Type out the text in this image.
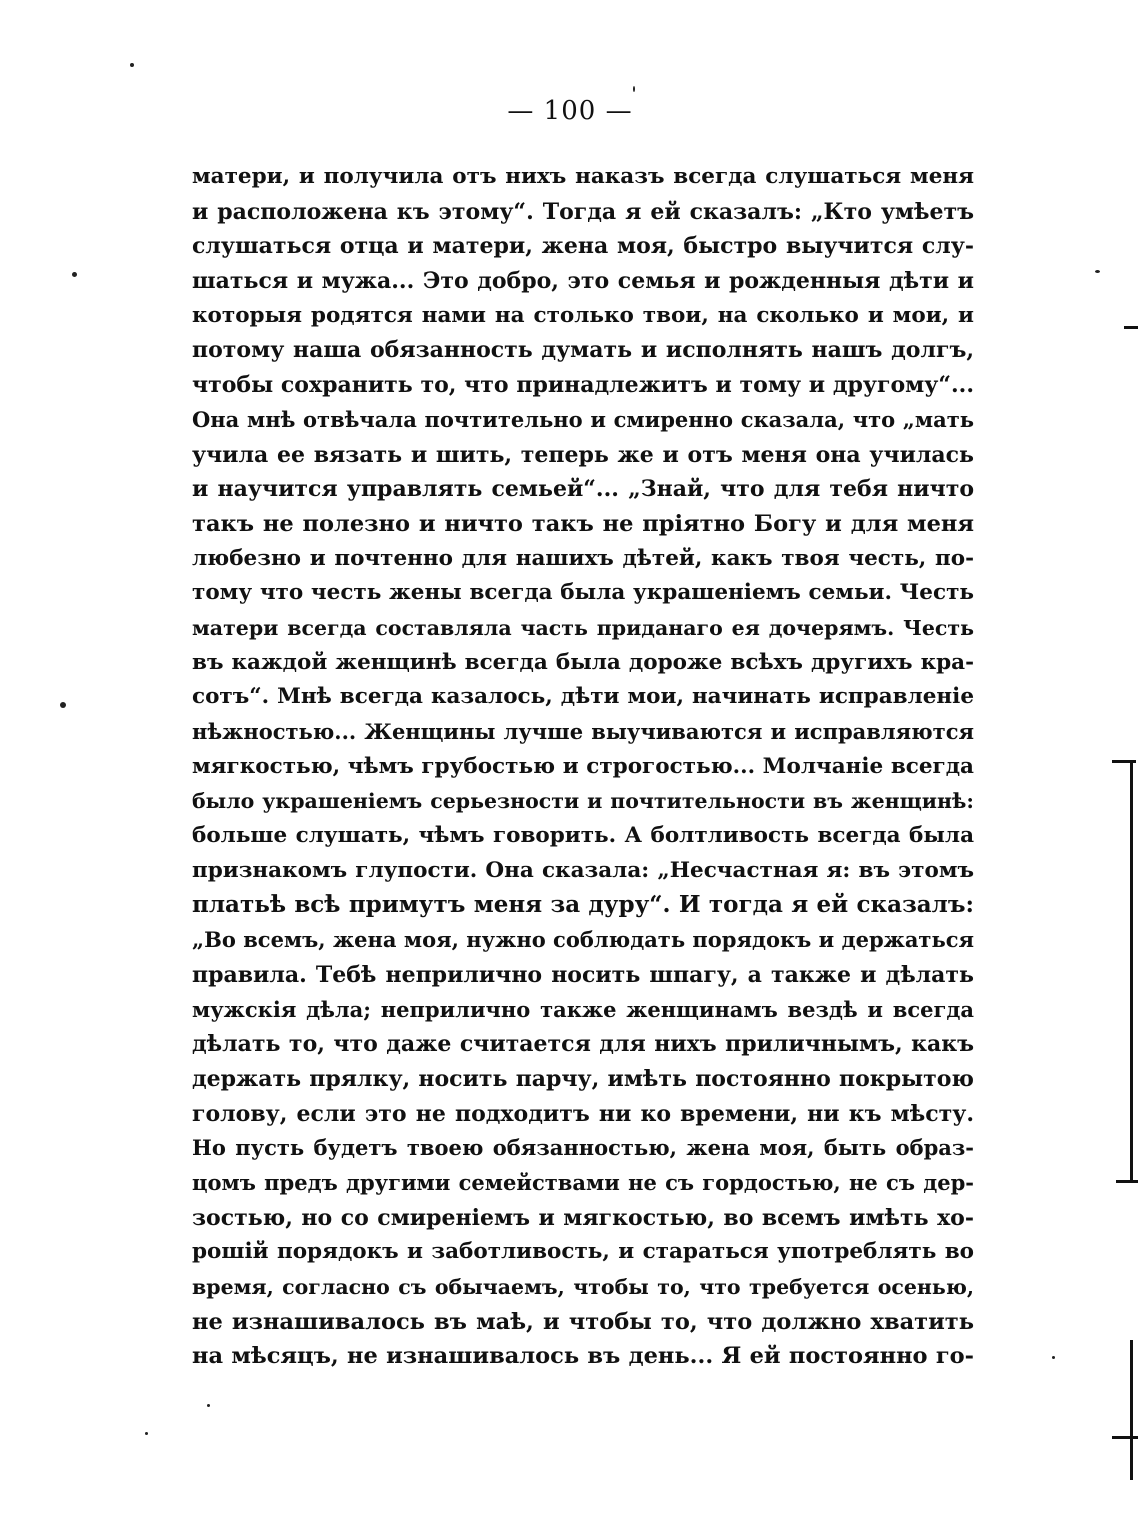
— 100 —
матери, и получила отъ нихъ наказъ всегда слушаться меня
и расположена къ этому“. Тогда я ей сказалъ: „Кто умѣетъ
слушаться отца и матери, жена моя, быстро выучится слу-
шаться и мужа... Это добро, это семья и рожденныя дѣти и
которыя родятся нами на столько твои, на сколько и мои, и
потому наша обязанность думать и исполнять нашъ долгъ,
чтобы сохранить то, что принадлежитъ и тому и другому“...
Она мнѣ отвѣчала почтительно и смиренно сказала, что „мать
учила ее вязать и шить, теперь же и отъ меня она училась
и научится управлять семьей“... „Знай, что для тебя ничто
такъ не полезно и ничто такъ не пріятно Богу и для меня
любезно и почтенно для нашихъ дѣтей, какъ твоя честь, по-
тому что честь жены всегда была украшеніемъ семьи. Честь
матери всегда составляла часть приданаго ея дочерямъ. Честь
въ каждой женщинѣ всегда была дороже всѣхъ другихъ кра-
сотъ“. Мнѣ всегда казалось, дѣти мои, начинать исправленіе
нѣжностью... Женщины лучше выучиваются и исправляются
мягкостью, чѣмъ грубостью и строгостью... Молчаніе всегда
было украшеніемъ серьезности и почтительности въ женщинѣ:
больше слушать, чѣмъ говорить. А болтливость всегда была
признакомъ глупости. Она сказала: „Несчастная я: въ этомъ
платьѣ всѣ примутъ меня за дуру“. И тогда я ей сказалъ:
„Во всемъ, жена моя, нужно соблюдать порядокъ и держаться
правила. Тебѣ неприлично носить шпагу, а также и дѣлать
мужскія дѣла; неприлично также женщинамъ вездѣ и всегда
дѣлать то, что даже считается для нихъ приличнымъ, какъ
держать прялку, носить парчу, имѣть постоянно покрытою
голову, если это не подходитъ ни ко времени, ни къ мѣсту.
Но пусть будетъ твоею обязанностью, жена моя, быть образ-
цомъ предъ другими семействами не съ гордостью, не съ дер-
зостью, но со смиреніемъ и мягкостью, во всемъ имѣть хо-
рошій порядокъ и заботливость, и стараться употреблять во
время, согласно съ обычаемъ, чтобы то, что требуется осенью,
не изнашивалось въ маѣ, и чтобы то, что должно хватить
на мѣсяцъ, не изнашивалось въ день... Я ей постоянно го-
